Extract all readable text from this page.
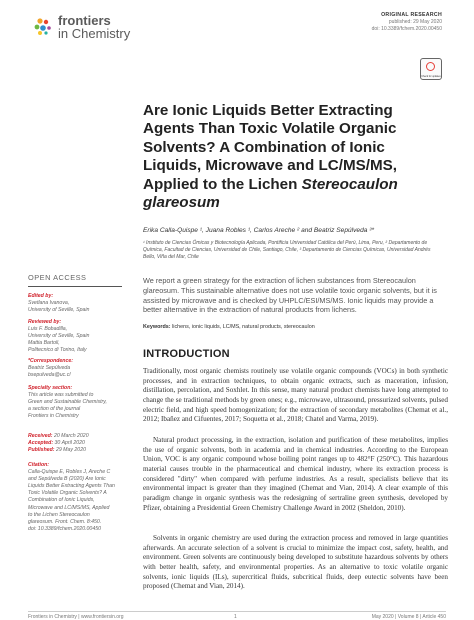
frontiers
in Chemistry
ORIGINAL RESEARCH
published: 29 May 2020
doi: 10.3389/fchem.2020.00450
Check for updates
Are Ionic Liquids Better Extracting Agents Than Toxic Volatile Organic Solvents? A Combination of Ionic Liquids, Microwave and LC/MS/MS, Applied to the Lichen Stereocaulon glareosum
Erika Calla-Quispe ¹, Juana Robles ¹, Carlos Areche ² and Beatriz Sepúlveda ³*
¹ Instituto de Ciencias Ómicas y Biotecnología Aplicada, Pontificia Universidad Católica del Perú, Lima, Peru, ² Departamento de Química, Facultad de Ciencias, Universidad de Chile, Santiago, Chile, ³ Departamento de Ciencias Químicas, Universidad Andrés Bello, Viña del Mar, Chile

We report a green strategy for the extraction of lichen substances from Stereocaulon glareosum. This sustainable alternative does not use volatile toxic organic solvents, but it is assisted by microwave and is checked by UHPLC/ESI/MS/MS. Ionic liquids may provide a better alternative in the extraction of natural products from lichens.

Keywords: lichens, ionic liquids, LC/MS, natural products, stereocaulon
OPEN ACCESS
Edited by:
Svetlana Ivanova,
University of Seville, Spain
Reviewed by:
Luis F. Bobadilla,
University of Seville, Spain
Mattia Bartoli,
Politecnico di Torino, Italy
*Correspondence:
Beatriz Sepúlveda
bsepulveda@uc.cl
Specialty section:
This article was submitted to
Green and Sustainable Chemistry,
a section of the journal
Frontiers in Chemistry
Received: 20 March 2020
Accepted: 30 April 2020
Published: 29 May 2020
Citation:
Calla-Quispe E, Robles J, Areche C
and Sepúlveda B (2020) Are Ionic
Liquids Better Extracting Agents Than
Toxic Volatile Organic Solvents? A
Combination of Ionic Liquids,
Microwave and LC/MS/MS, Applied
to the Lichen Stereocaulon
glareosum. Front. Chem. 8:450.
doi: 10.3389/fchem.2020.00450
INTRODUCTION

Traditionally, most organic chemists routinely use volatile organic compounds (VOCs) in both synthetic processes, and in extraction techniques, to obtain organic extracts, such as maceration, infusion, distillation, percolation, and Soxhlet. In this sense, many natural product chemists have long attempted to change the se traditional methods by green ones; e.g., microwave, ultrasound, pressurized solvents, pulsed electric field, and high speed homogenization; for the extraction of secondary metabolites (Chemat et al., 2012; Ibañez and Cifuentes, 2017; Soquetta et al., 2018; Chatel and Varma, 2019).

Natural product processing, in the extraction, isolation and purification of these metabolites, implies the use of organic solvents, both in academia and in chemical industries. According to the European Union, VOC is any organic compound whose boiling point ranges up to 482°F (250°C). This hazardous material causes trouble in the pharmaceutical and chemical industry, where its extraction process is considered "dirty" when compared with perfume industries. As a result, specialists believe that its environmental impact is greater than they imagined (Chemat and Vian, 2014). A clear example of this paradigm change in organic synthesis was the redesigning of sertraline green synthesis, developed by Pfizer, obtaining a Presidential Green Chemistry Challenge Award in 2002 (Sheldon, 2010).

Solvents in organic chemistry are used during the extraction process and removed in large quantities afterwards. An accurate selection of a solvent is crucial to minimize the impact cost, safety, health, and environment. Green solvents are continuously being developed to substitute hazardous solvents by others with better health, safety, and environmental properties. As an alternative to toxic volatile organic solvents, ionic liquids (ILs), supercritical fluids, subcritical fluids, deep eutectic solvents have been proposed (Chemat and Vian, 2014).

Frontiers in Chemistry | www.frontiersin.org	1	May 2020 | Volume 8 | Article 450
